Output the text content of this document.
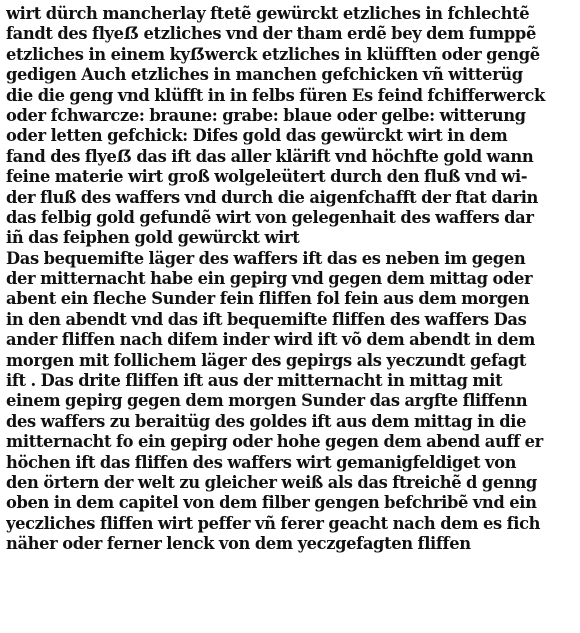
wirt dürch mancherlay ftetẽ gewürckt etzliches in fchlechtẽ
fandt des flyeẞ etzliches vnd der tham erdẽ bey dem fumppẽ
etzliches in einem kyẞwerck etzliches in klüfften oder gengẽ
gedigen Auch etzliches in manchen gefchicken vñ witterüg
die die geng vnd klüfft in in felbs füren Es feind fchifferwerck
oder fchwarcze: braune: grabe: blaue oder gelbe: witterung
oder letten gefchick: Difes gold das gewürckt wirt in dem
fand des flyeẞ das ift das aller klärift vnd höchfte gold wann
feine materie wirt groß wolgeleütert durch den fluß vnd wi-
der fluß des waffers vnd durch die aigenfchafft der ftat darin
das felbig gold gefundẽ wirt von gelegenhait des waffers dar
iñ das feiphen gold gewürckt wirt
Das bequemifte läger des waffers ift das es neben im gegen
der mitternacht habe ein gepirg vnd gegen dem mittag oder
abent ein fleche Sunder fein fliffen fol fein aus dem morgen
in den abendt vnd das ift bequemifte fliffen des waffers Das
ander fliffen nach difem inder wird ift võ dem abendt in dem
morgen mit follichem läger des gepirgs als yeczundt gefagt
ift . Das drite fliffen ift aus der mitternacht in mittag mit
einem gepirg gegen dem morgen Sunder das argfte fliffenn
des waffers zu beraitüg des goldes ift aus dem mittag in die
mitternacht fo ein gepirg oder hohe gegen dem abend auff er
höchen ift das fliffen des waffers wirt gemanigfeldiget von
den örtern der welt zu gleicher weiß als das ftreichẽ d genng
oben in dem capitel von dem filber gengen befchribẽ vnd ein
yeczliches fliffen wirt peffer vñ ferer geacht nach dem es fich
näher oder ferner lenck von dem yeczgefagten fliffen
